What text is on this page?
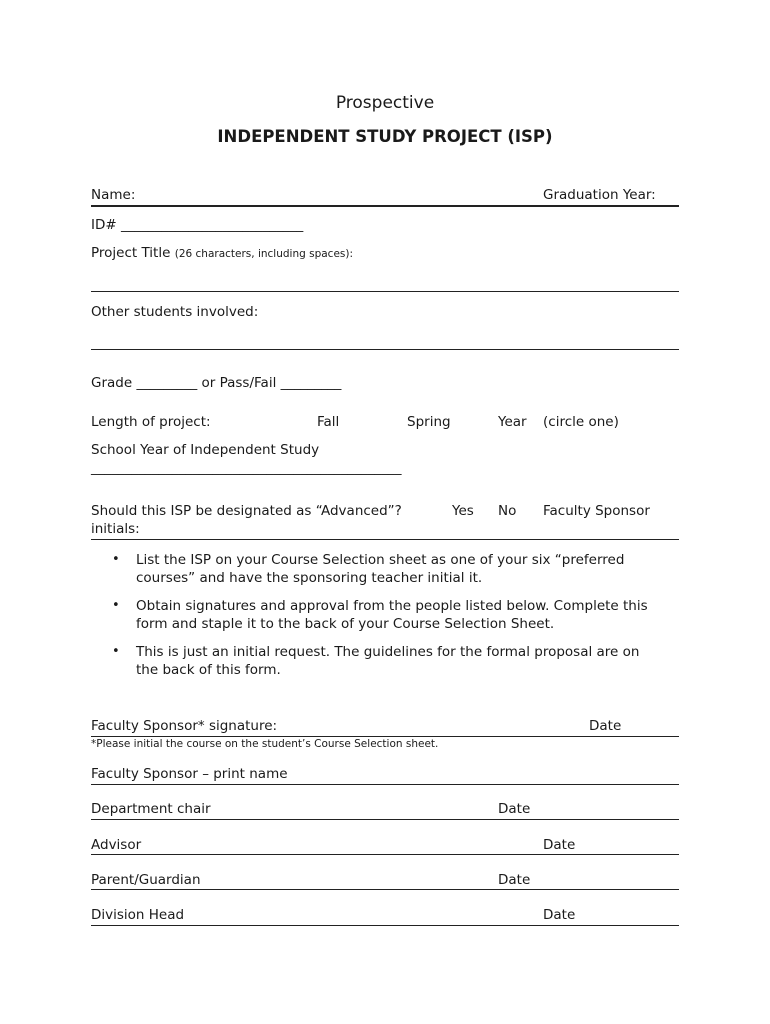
Prospective
INDEPENDENT STUDY PROJECT (ISP)
Name:	Graduation Year:
ID# ___________________________
Project Title (26 characters, including spaces):
Other students involved:
Grade _________ or Pass/Fail _________
Length of project:	Fall	Spring	Year (circle one)
School Year of Independent Study
______________________________________________
Should this ISP be designated as “Advanced”?	Yes No Faculty Sponsor
initials:
• List the ISP on your Course Selection sheet as one of your six “preferred courses” and have the sponsoring teacher initial it.
• Obtain signatures and approval from the people listed below. Complete this form and staple it to the back of your Course Selection Sheet.
• This is just an initial request. The guidelines for the formal proposal are on the back of this form.
Faculty Sponsor* signature:	Date
*Please initial the course on the student’s Course Selection sheet.
Faculty Sponsor – print name
Department chair	Date
Advisor	Date
Parent/Guardian	Date
Division Head	Date
